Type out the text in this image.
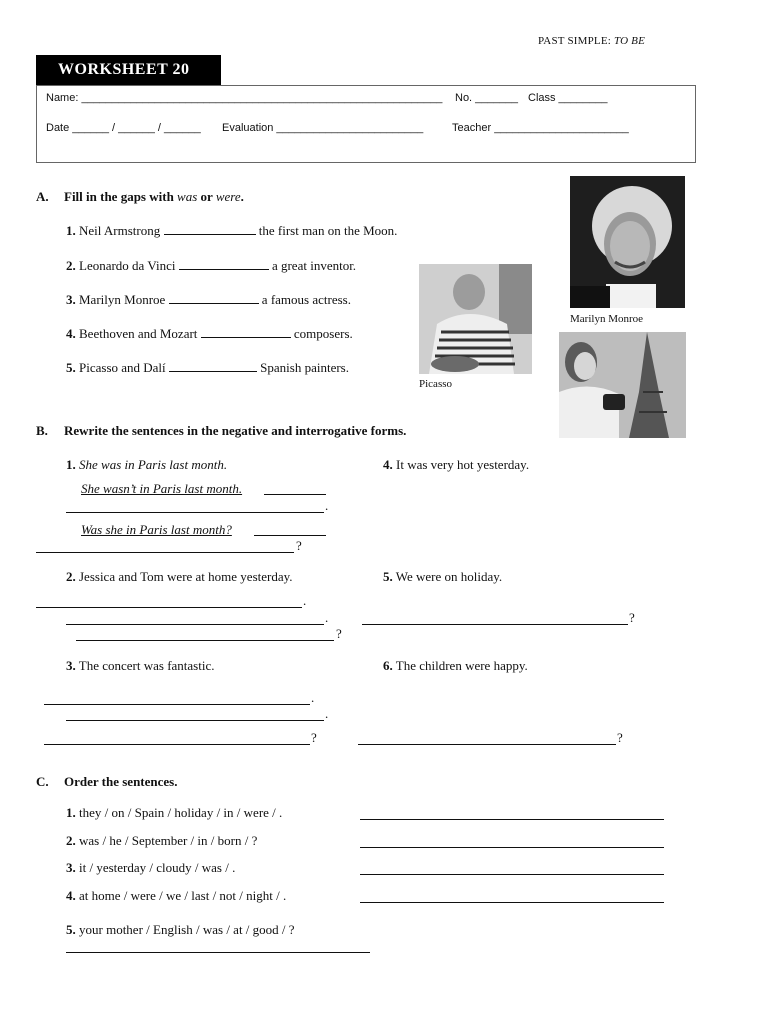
PAST SIMPLE: TO BE
WORKSHEET 20
Name: ___________________________________________________________ No. _______ Class ________
Date ______ / ______ / ______ Evaluation ________________________	Teacher ______________________
A. Fill in the gaps with was or were.
1. Neil Armstrong	the first man on the Moon.
2. Leonardo da Vinci	a great inventor.
3. Marilyn Monroe	a famous actress.
4. Beethoven and Mozart	composers.
5. Picasso and Dalí	Spanish painters.
Marilyn Monroe
Picasso
B. Rewrite the sentences in the negative and interrogative forms.
1. She was in Paris last month.
She wasn’t in Paris last month.
.
Was she in Paris last month?
?
4. It was very hot yesterday.
2. Jessica and Tom were at home yesterday.
.
.
?
5. We were on holiday.
?
3. The concert was fantastic.
.
.
?
6. The children were happy.
?
C. Order the sentences.
1. they / on / Spain / holiday / in / were / .
2. was / he / September / in / born / ?
3. it / yesterday / cloudy / was / .
4. at home / were / we / last / not / night / .
5. your mother / English / was / at / good / ?
